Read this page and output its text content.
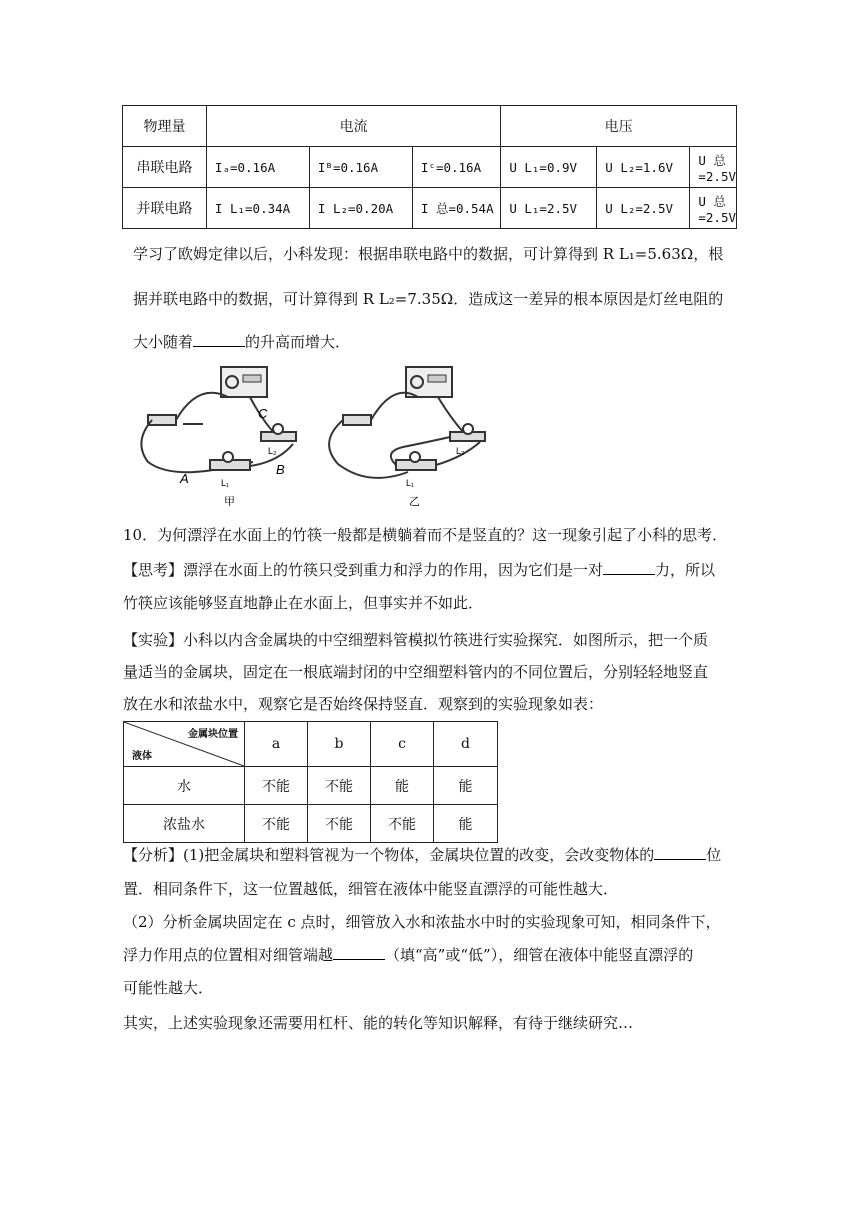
物理量	电流			电压		
串联电路	Iₐ=0.16A	Iᴮ=0.16A	Iᶜ=0.16A	U L₁=0.9V	U L₂=1.6V	U 总=2.5V
并联电路	I L₁=0.34A	I L₂=0.20A	I 总=0.54A	U L₁=2.5V	U L₂=2.5V	U 总=2.5V
学习了欧姆定律以后，小科发现：根据串联电路中的数据，可计算得到 R L₁=5.63Ω，根
据并联电路中的数据，可计算得到 R L₂=7.35Ω．造成这一差异的根本原因是灯丝电阻的
大小随着	的升高而增大．
A
B
C
L₁
L₂
L₁
L₂
甲	乙
10．为何漂浮在水面上的竹筷一般都是横躺着而不是竖直的？这一现象引起了小科的思考．
【思考】漂浮在水面上的竹筷只受到重力和浮力的作用，因为它们是一对	力，所以
竹筷应该能够竖直地静止在水面上，但事实并不如此．
【实验】小科以内含金属块的中空细塑料管模拟竹筷进行实验探究．如图所示，把一个质
量适当的金属块，固定在一根底端封闭的中空细塑料管内的不同位置后，分别轻轻地竖直
放在水和浓盐水中，观察它是否始终保持竖直．观察到的实验现象如表：
金属块位置
液体	a	b	c	d
水	不能	不能	能	能
浓盐水	不能	不能	不能	能
【分析】(1)把金属块和塑料管视为一个物体，金属块位置的改变，会改变物体的	位
置．相同条件下，这一位置越低，细管在液体中能竖直漂浮的可能性越大．
（2）分析金属块固定在 c 点时，细管放入水和浓盐水中时的实验现象可知，相同条件下，
浮力作用点的位置相对细管端越	（填“高”或“低”），细管在液体中能竖直漂浮的
可能性越大．
其实，上述实验现象还需要用杠杆、能的转化等知识解释，有待于继续研究…
